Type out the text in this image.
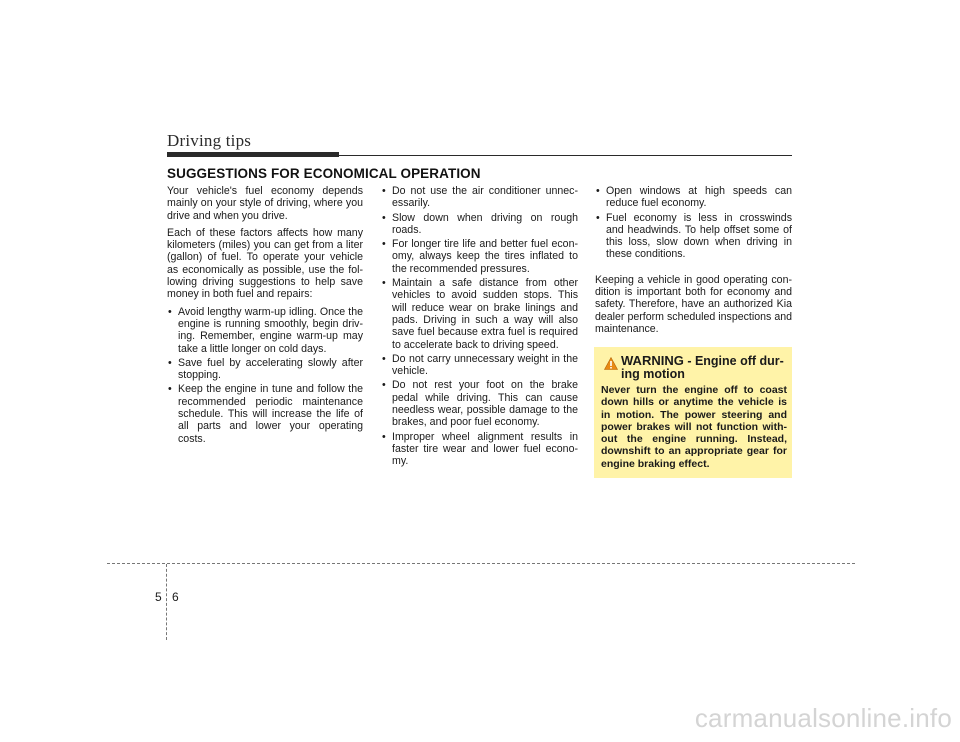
Driving tips
SUGGESTIONS FOR ECONOMICAL OPERATION

Your vehicle's fuel economy depends mainly on your style of driving, where you drive and when you drive.

Each of these factors affects how many kilometers (miles) you can get from a liter (gallon) of fuel. To operate your vehicle as economically as possible, use the fol-lowing driving suggestions to help save money in both fuel and repairs:

• Avoid lengthy warm-up idling. Once the engine is running smoothly, begin driv-ing. Remember, engine warm-up may take a little longer on cold days.
• Save fuel by accelerating slowly after stopping.
• Keep the engine in tune and follow the recommended periodic maintenance schedule. This will increase the life of all parts and lower your operating costs.
• Do not use the air conditioner unnec-essarily.
• Slow down when driving on rough roads.
• For longer tire life and better fuel econ-omy, always keep the tires inflated to the recommended pressures.
• Maintain a safe distance from other vehicles to avoid sudden stops. This will reduce wear on brake linings and pads. Driving in such a way will also save fuel because extra fuel is required to accelerate back to driving speed.
• Do not carry unnecessary weight in the vehicle.
• Do not rest your foot on the brake pedal while driving. This can cause needless wear, possible damage to the brakes, and poor fuel economy.
• Improper wheel alignment results in faster tire wear and lower fuel econo-my.
• Open windows at high speeds can reduce fuel economy.
• Fuel economy is less in crosswinds and headwinds. To help offset some of this loss, slow down when driving in these conditions.

Keeping a vehicle in good operating con-dition is important both for economy and safety. Therefore, have an authorized Kia dealer perform scheduled inspections and maintenance.

WARNING - Engine off dur-ing motion
Never turn the engine off to coast down hills or anytime the vehicle is in motion. The power steering and power brakes will not function with-out the engine running. Instead, downshift to an appropriate gear for engine braking effect.
5 6
carmanualsonline.info
